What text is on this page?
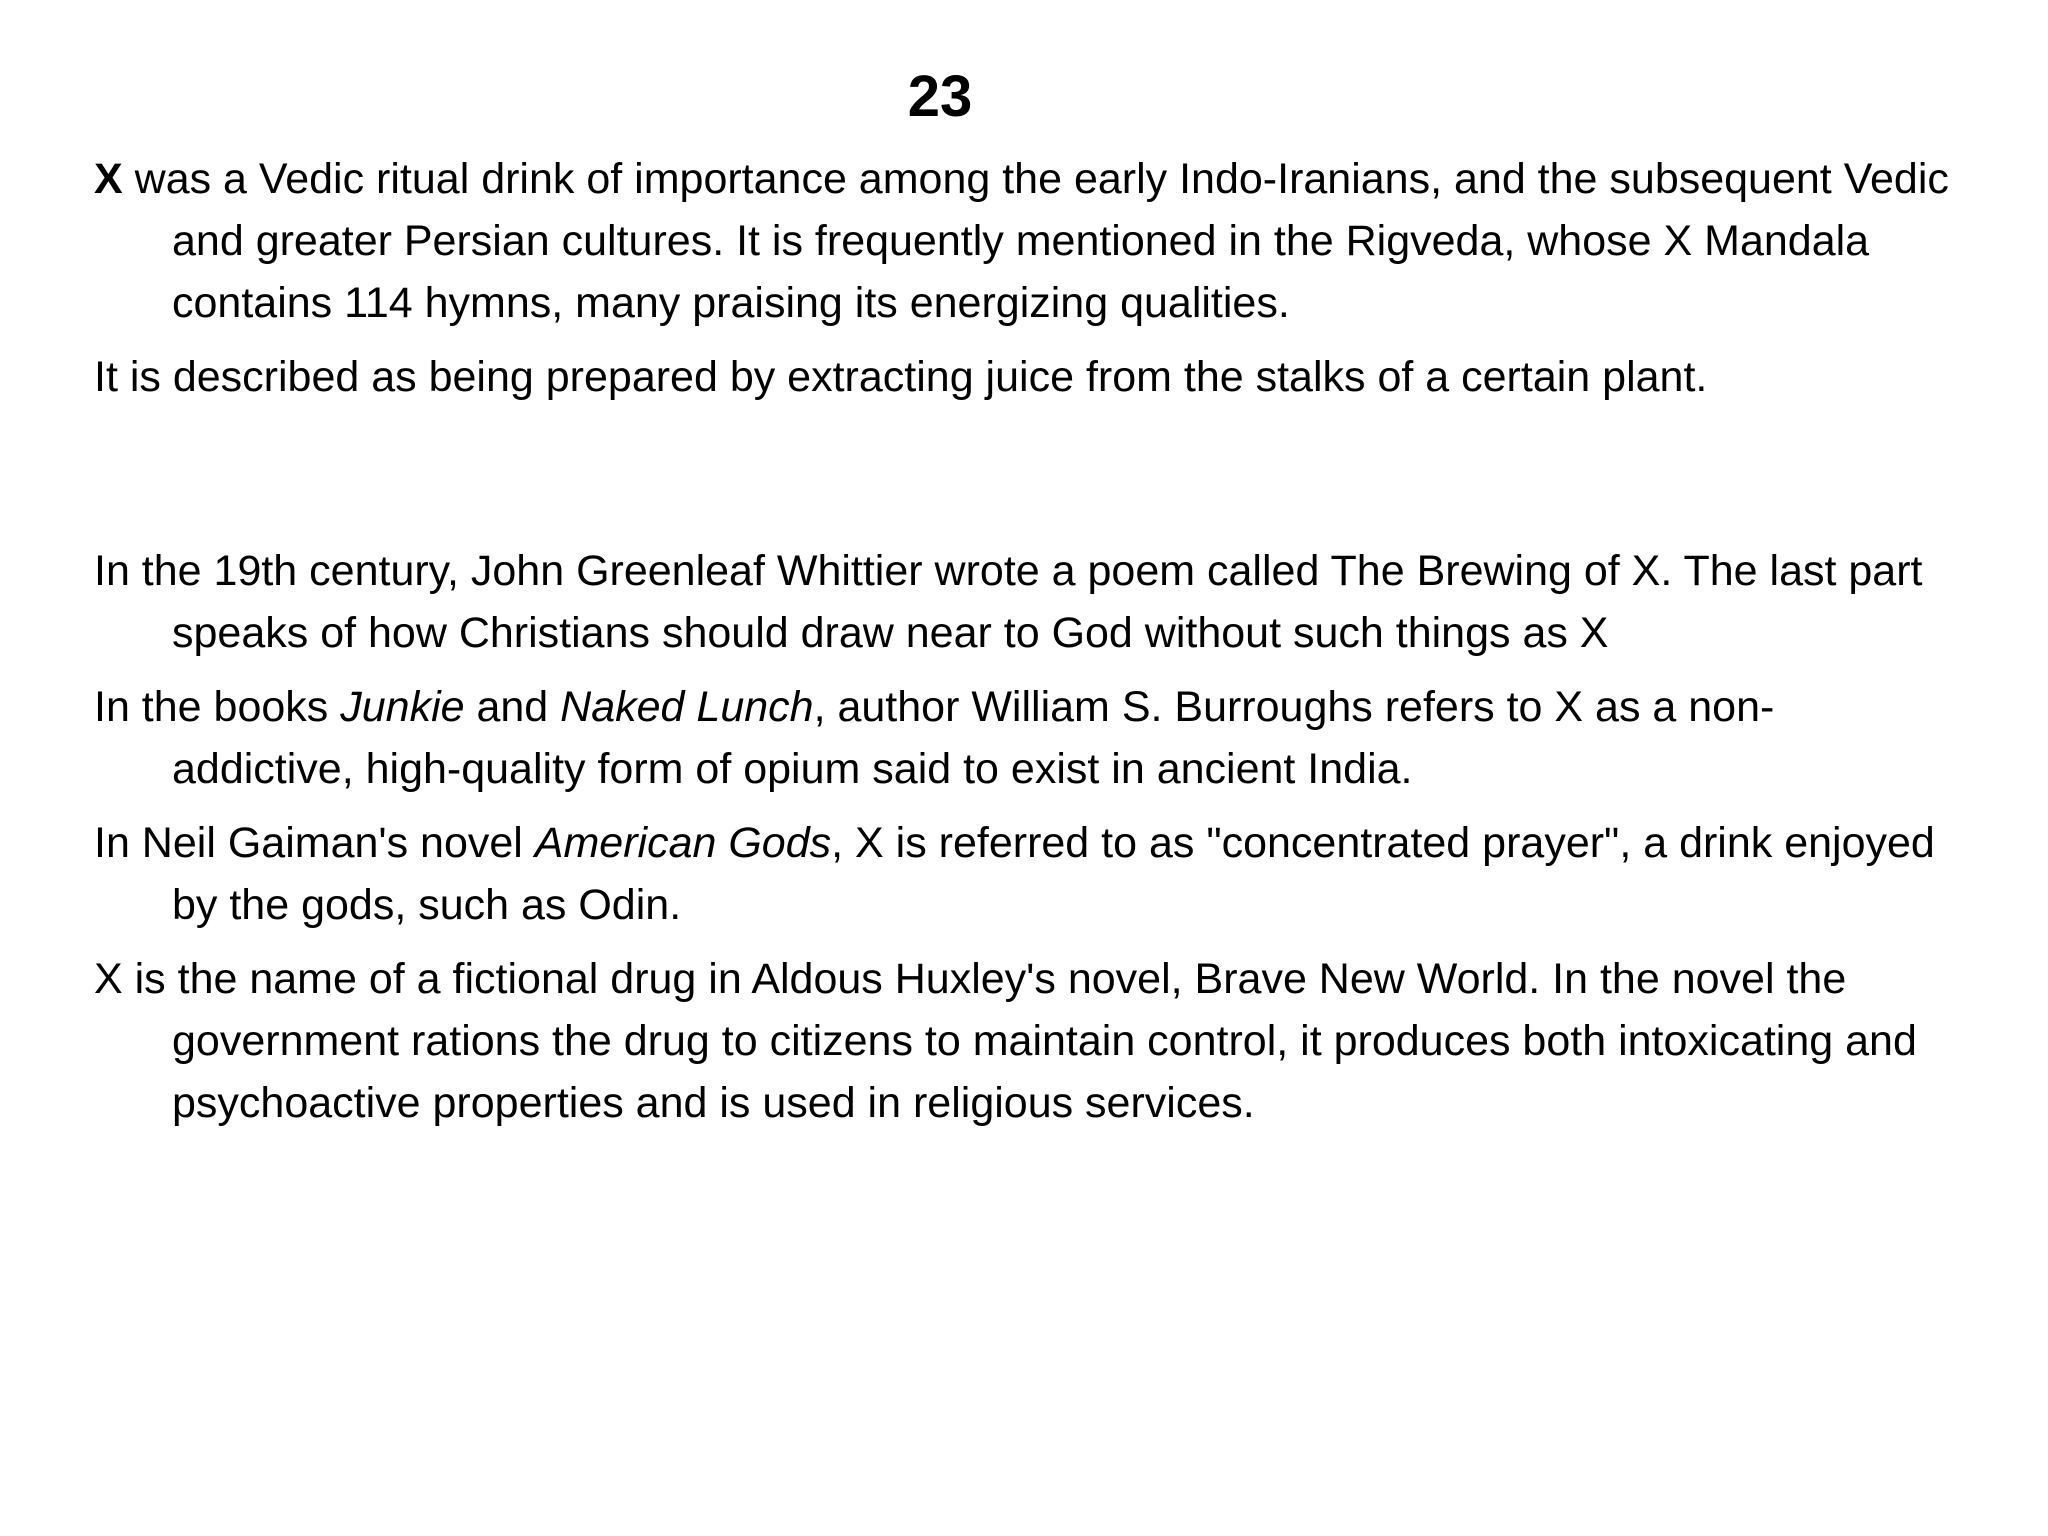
23

X was a Vedic ritual drink of importance among the early Indo-Iranians, and the subsequent Vedic and greater Persian cultures. It is frequently mentioned in the Rigveda, whose X Mandala contains 114 hymns, many praising its energizing qualities.

It is described as being prepared by extracting juice from the stalks of a certain plant.

In the 19th century, John Greenleaf Whittier wrote a poem called The Brewing of X. The last part speaks of how Christians should draw near to God without such things as X

In the books Junkie and Naked Lunch, author William S. Burroughs refers to X as a non-addictive, high-quality form of opium said to exist in ancient India.

In Neil Gaiman's novel American Gods, X is referred to as "concentrated prayer", a drink enjoyed by the gods, such as Odin.

X is the name of a fictional drug in Aldous Huxley's novel, Brave New World. In the novel the government rations the drug to citizens to maintain control, it produces both intoxicating and psychoactive properties and is used in religious services.
